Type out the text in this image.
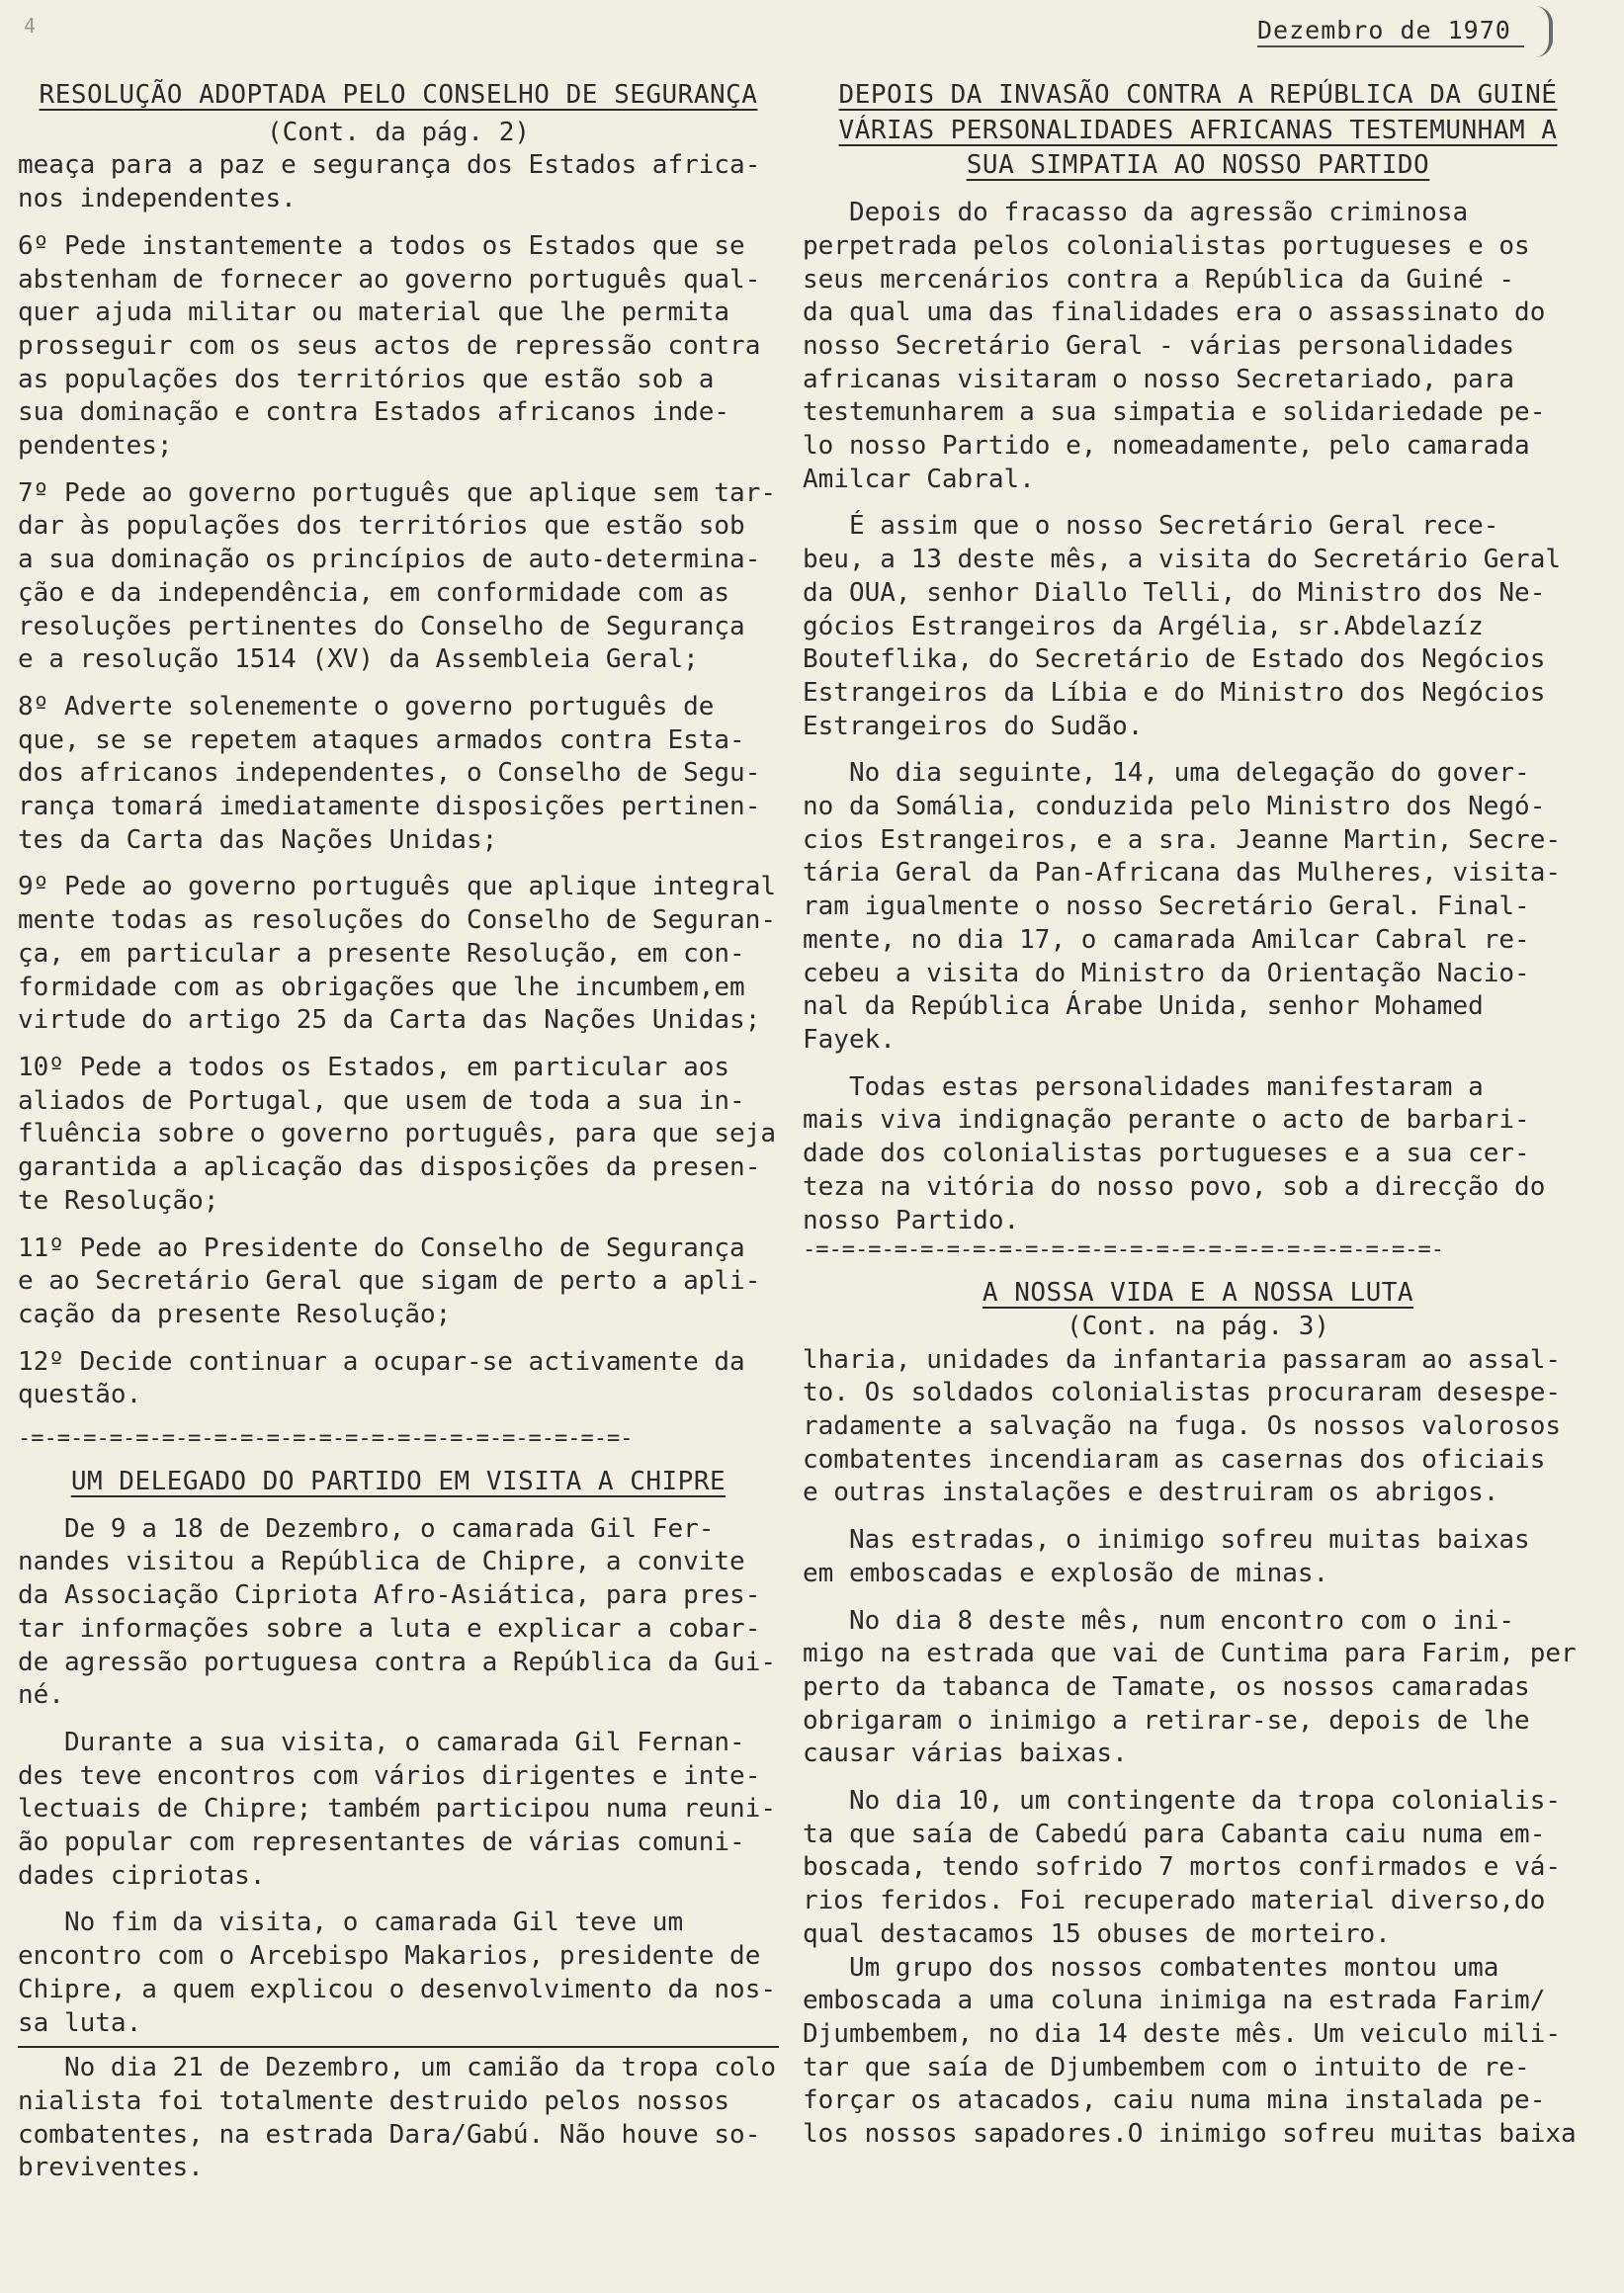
4	Dezembro de 1970
RESOLUÇÃO ADOPTADA PELO CONSELHO DE SEGURANÇA
(Cont. da pág. 2)

meaça para a paz e segurança dos Estados africa-

nos independentes.

6º Pede instantemente a todos os Estados que se

abstenham de fornecer ao governo português qual-

quer ajuda militar ou material que lhe permita

prosseguir com os seus actos de repressão contra

as populações dos territórios que estão sob a

sua dominação e contra Estados africanos inde-

pendentes;

7º Pede ao governo português que aplique sem tar-

dar às populações dos territórios que estão sob

a sua dominação os princípios de auto-determina-

ção e da independência, em conformidade com as

resoluções pertinentes do Conselho de Segurança

e a resolução 1514 (XV) da Assembleia Geral;

8º Adverte solenemente o governo português de

que, se se repetem ataques armados contra Esta-

dos africanos independentes, o Conselho de Segu-

rança tomará imediatamente disposições pertinen-

tes da Carta das Nações Unidas;

9º Pede ao governo português que aplique integral

mente todas as resoluções do Conselho de Seguran-

ça, em particular a presente Resolução, em con-

formidade com as obrigações que lhe incumbem,em

virtude do artigo 25 da Carta das Nações Unidas;

10º Pede a todos os Estados, em particular aos

aliados de Portugal, que usem de toda a sua in-

fluência sobre o governo português, para que seja

garantida a aplicação das disposições da presen-

te Resolução;

11º Pede ao Presidente do Conselho de Segurança

e ao Secretário Geral que sigam de perto a apli-

cação da presente Resolução;

12º Decide continuar a ocupar-se activamente da

questão.

-=-=-=-=-=-=-=-=-=-=-=-=-=-=-=-=-=-=-=-=-=-=-=-
UM DELEGADO DO PARTIDO EM VISITA A CHIPRE

De 9 a 18 de Dezembro, o camarada Gil Fer-

nandes visitou a República de Chipre, a convite

da Associação Cipriota Afro-Asiática, para pres-

tar informações sobre a luta e explicar a cobar-

de agressão portuguesa contra a República da Gui-

né.

Durante a sua visita, o camarada Gil Fernan-

des teve encontros com vários dirigentes e inte-

lectuais de Chipre; também participou numa reuni-

ão popular com representantes de várias comuni-

dades cipriotas.

No fim da visita, o camarada Gil teve um

encontro com o Arcebispo Makarios, presidente de

Chipre, a quem explicou o desenvolvimento da nos-

sa luta.

No dia 21 de Dezembro, um camião da tropa colo

nialista foi totalmente destruido pelos nossos

combatentes, na estrada Dara/Gabú. Não houve so-

breviventes.

DEPOIS DA INVASÃO CONTRA A REPÚBLICA DA GUINÉ
VÁRIAS PERSONALIDADES AFRICANAS TESTEMUNHAM A
SUA SIMPATIA AO NOSSO PARTIDO

Depois do fracasso da agressão criminosa

perpetrada pelos colonialistas portugueses e os

seus mercenários contra a República da Guiné -

da qual uma das finalidades era o assassinato do

nosso Secretário Geral - várias personalidades

africanas visitaram o nosso Secretariado, para

testemunharem a sua simpatia e solidariedade pe-

lo nosso Partido e, nomeadamente, pelo camarada

Amilcar Cabral.

É assim que o nosso Secretário Geral rece-

beu, a 13 deste mês, a visita do Secretário Geral

da OUA, senhor Diallo Telli, do Ministro dos Ne-

gócios Estrangeiros da Argélia, sr.Abdelazíz

Bouteflika, do Secretário de Estado dos Negócios

Estrangeiros da Líbia e do Ministro dos Negócios

Estrangeiros do Sudão.

No dia seguinte, 14, uma delegação do gover-

no da Somália, conduzida pelo Ministro dos Negó-

cios Estrangeiros, e a sra. Jeanne Martin, Secre-

tária Geral da Pan-Africana das Mulheres, visita-

ram igualmente o nosso Secretário Geral. Final-

mente, no dia 17, o camarada Amilcar Cabral re-

cebeu a visita do Ministro da Orientação Nacio-

nal da República Árabe Unida, senhor Mohamed

Fayek.

Todas estas personalidades manifestaram a

mais viva indignação perante o acto de barbari-

dade dos colonialistas portugueses e a sua cer-

teza na vitória do nosso povo, sob a direcção do

nosso Partido.

-=-=-=-=-=-=-=-=-=-=-=-=-=-=-=-=-=-=-=-=-=-=-=-=-
A NOSSA VIDA E A NOSSA LUTA
(Cont. na pág. 3)

lharia, unidades da infantaria passaram ao assal-

to. Os soldados colonialistas procuraram desespe-

radamente a salvação na fuga. Os nossos valorosos

combatentes incendiaram as casernas dos oficiais

e outras instalações e destruiram os abrigos.

Nas estradas, o inimigo sofreu muitas baixas

em emboscadas e explosão de minas.

No dia 8 deste mês, num encontro com o ini-

migo na estrada que vai de Cuntima para Farim, per

perto da tabanca de Tamate, os nossos camaradas

obrigaram o inimigo a retirar-se, depois de lhe

causar várias baixas.

No dia 10, um contingente da tropa colonialis-

ta que saía de Cabedú para Cabanta caiu numa em-

boscada, tendo sofrido 7 mortos confirmados e vá-

rios feridos. Foi recuperado material diverso,do

qual destacamos 15 obuses de morteiro.

Um grupo dos nossos combatentes montou uma

emboscada a uma coluna inimiga na estrada Farim/

Djumbembem, no dia 14 deste mês. Um veiculo mili-

tar que saía de Djumbembem com o intuito de re-

forçar os atacados, caiu numa mina instalada pe-

los nossos sapadores.O inimigo sofreu muitas baixa
